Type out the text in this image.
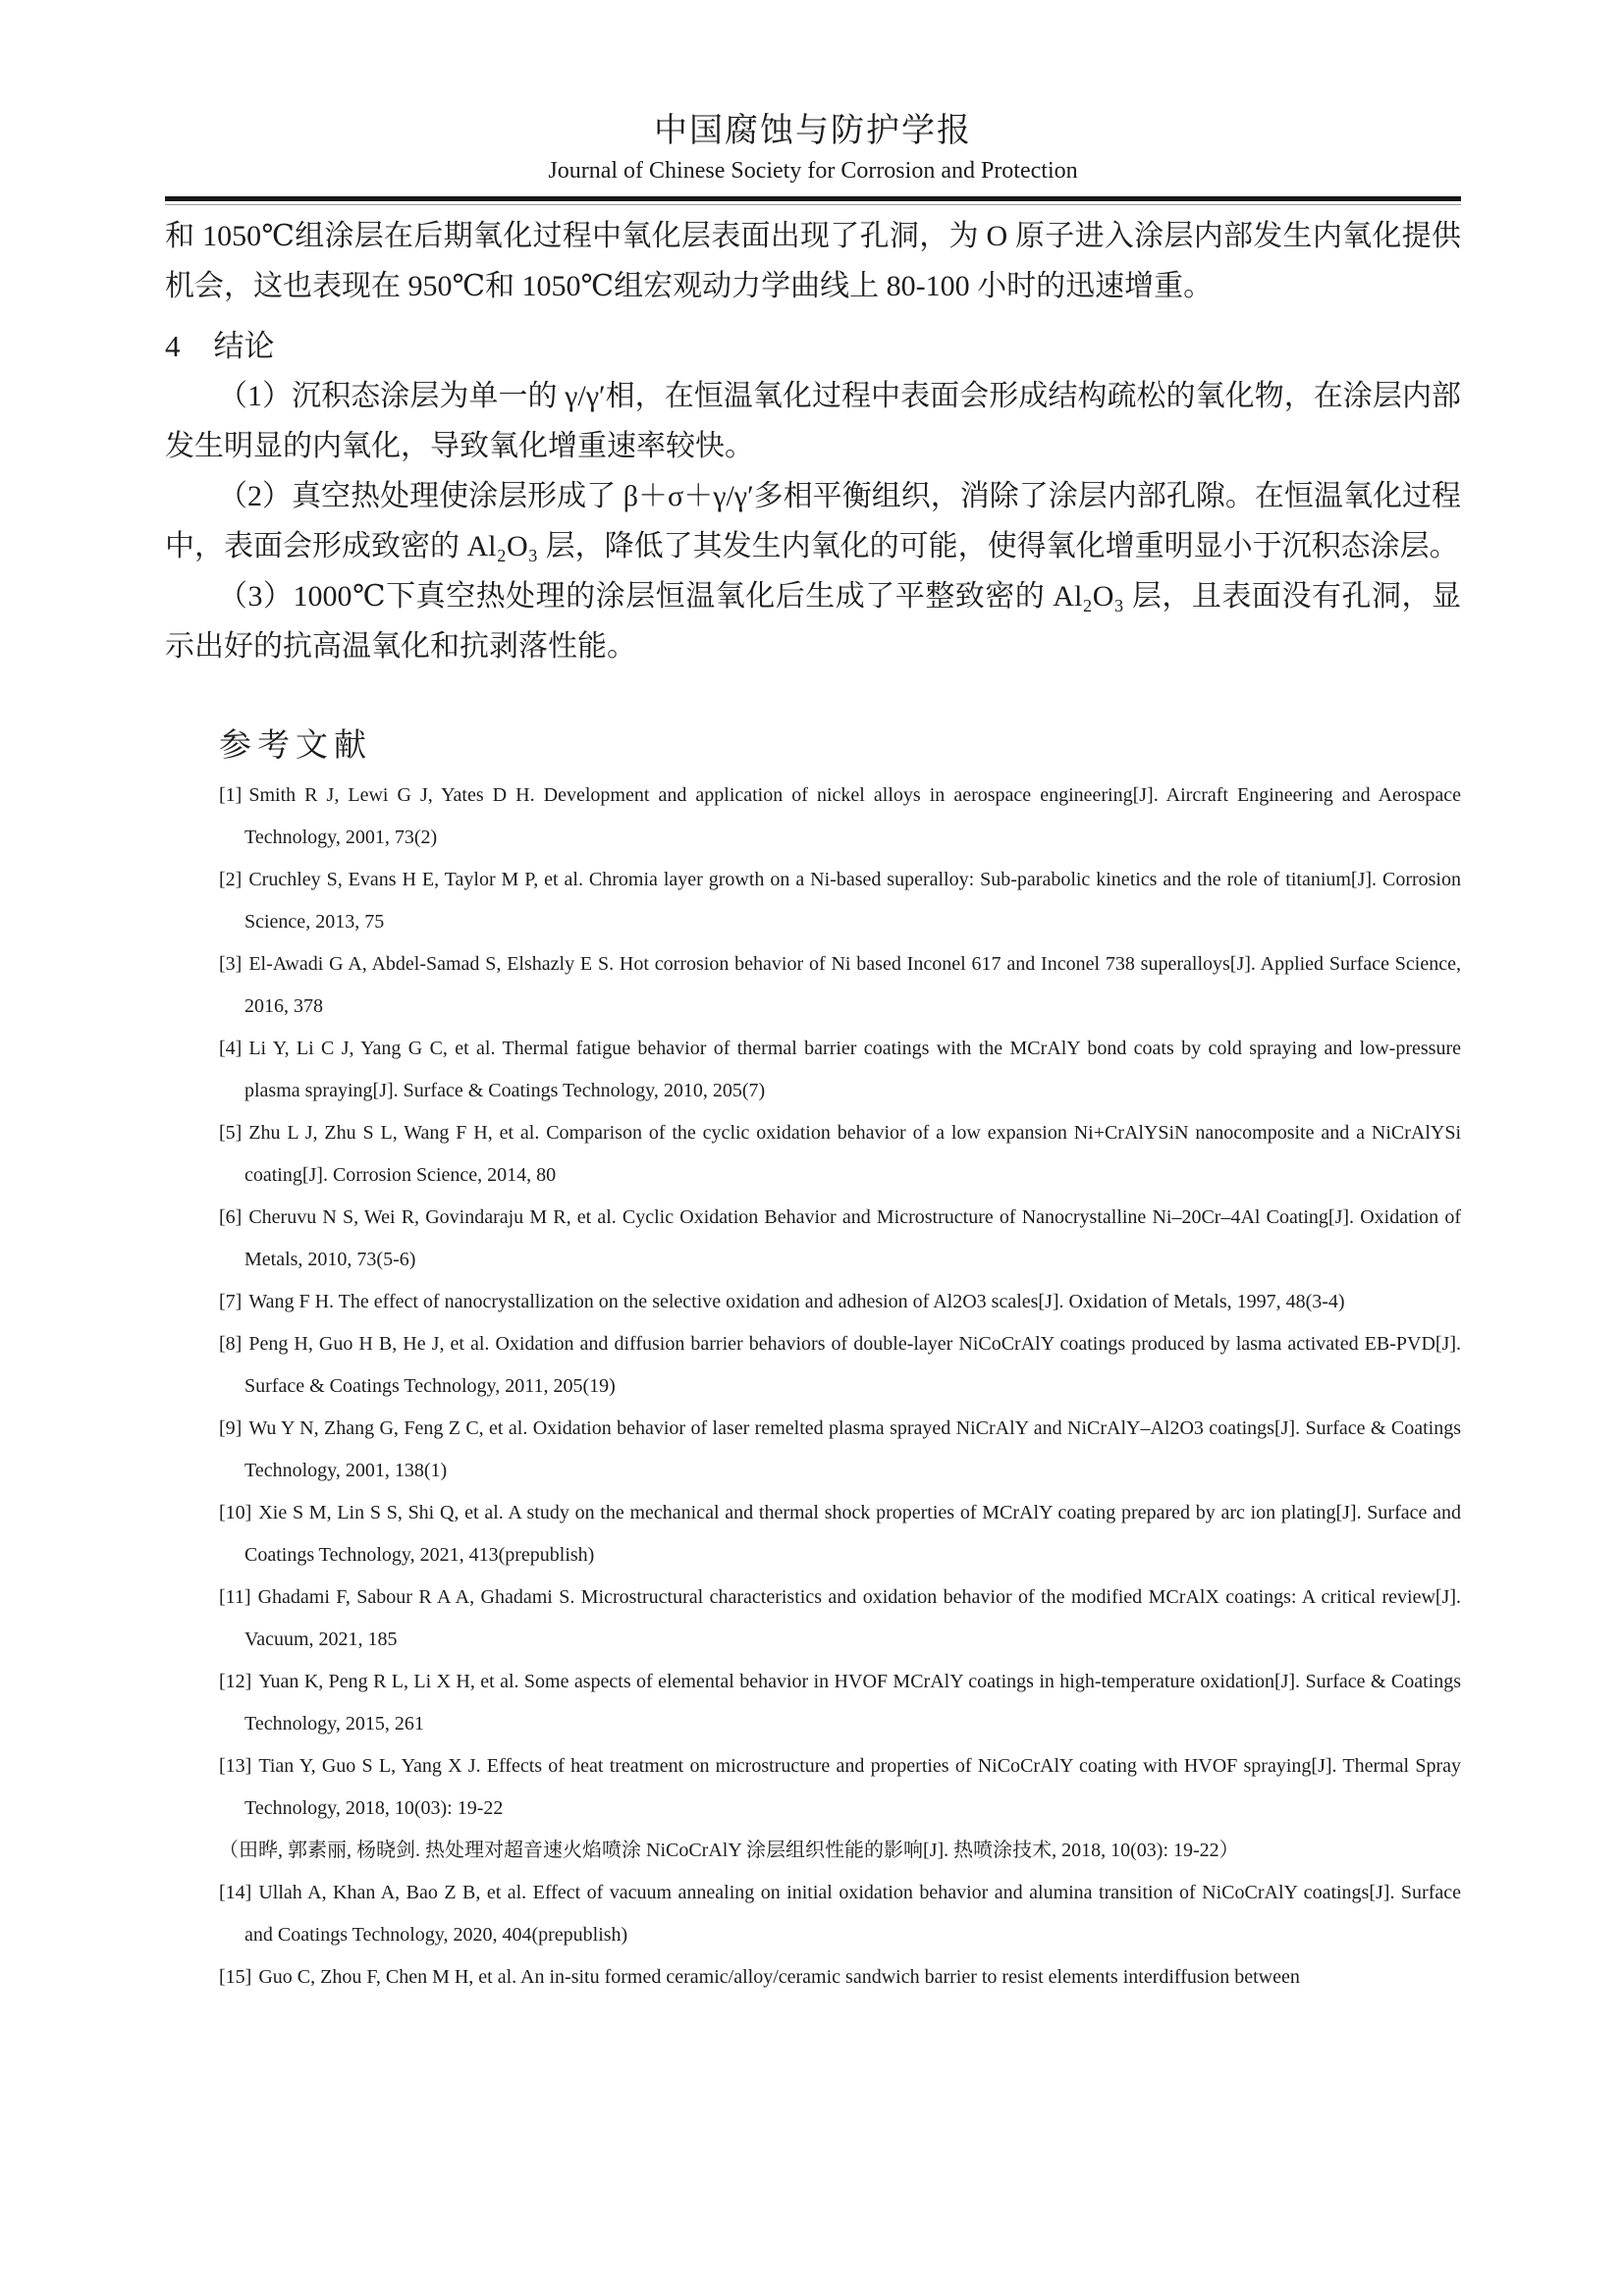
中国腐蚀与防护学报
Journal of Chinese Society for Corrosion and Protection

和 1050℃组涂层在后期氧化过程中氧化层表面出现了孔洞，为 O 原子进入涂层内部发生内氧化提供机会，这也表现在 950℃和 1050℃组宏观动力学曲线上 80-100 小时的迅速增重。

4 结论

（1）沉积态涂层为单一的 γ/γ′相，在恒温氧化过程中表面会形成结构疏松的氧化物，在涂层内部发生明显的内氧化，导致氧化增重速率较快。

（2）真空热处理使涂层形成了 β＋σ＋γ/γ′多相平衡组织，消除了涂层内部孔隙。在恒温氧化过程中，表面会形成致密的 Al₂O₃ 层，降低了其发生内氧化的可能，使得氧化增重明显小于沉积态涂层。

（3）1000℃下真空热处理的涂层恒温氧化后生成了平整致密的 Al₂O₃ 层，且表面没有孔洞，显示出好的抗高温氧化和抗剥落性能。

参考文献
[1] Smith R J, Lewi G J, Yates D H. Development and application of nickel alloys in aerospace engineering[J]. Aircraft Engineering and Aerospace Technology, 2001, 73(2)
[2] Cruchley S, Evans H E, Taylor M P, et al. Chromia layer growth on a Ni-based superalloy: Sub-parabolic kinetics and the role of titanium[J]. Corrosion Science, 2013, 75
[3] El-Awadi G A, Abdel-Samad S, Elshazly E S. Hot corrosion behavior of Ni based Inconel 617 and Inconel 738 superalloys[J]. Applied Surface Science, 2016, 378
[4] Li Y, Li C J, Yang G C, et al. Thermal fatigue behavior of thermal barrier coatings with the MCrAlY bond coats by cold spraying and low-pressure plasma spraying[J]. Surface & Coatings Technology, 2010, 205(7)
[5] Zhu L J, Zhu S L, Wang F H, et al. Comparison of the cyclic oxidation behavior of a low expansion Ni+CrAlYSiN nanocomposite and a NiCrAlYSi coating[J]. Corrosion Science, 2014, 80
[6] Cheruvu N S, Wei R, Govindaraju M R, et al. Cyclic Oxidation Behavior and Microstructure of Nanocrystalline Ni–20Cr–4Al Coating[J]. Oxidation of Metals, 2010, 73(5-6)
[7] Wang F H. The effect of nanocrystallization on the selective oxidation and adhesion of Al2O3 scales[J]. Oxidation of Metals, 1997, 48(3-4)
[8] Peng H, Guo H B, He J, et al. Oxidation and diffusion barrier behaviors of double-layer NiCoCrAlY coatings produced by lasma activated EB-PVD[J]. Surface & Coatings Technology, 2011, 205(19)
[9] Wu Y N, Zhang G, Feng Z C, et al. Oxidation behavior of laser remelted plasma sprayed NiCrAlY and NiCrAlY–Al2O3 coatings[J]. Surface & Coatings Technology, 2001, 138(1)
[10] Xie S M, Lin S S, Shi Q, et al. A study on the mechanical and thermal shock properties of MCrAlY coating prepared by arc ion plating[J]. Surface and Coatings Technology, 2021, 413(prepublish)
[11] Ghadami F, Sabour R A A, Ghadami S. Microstructural characteristics and oxidation behavior of the modified MCrAlX coatings: A critical review[J]. Vacuum, 2021, 185
[12] Yuan K, Peng R L, Li X H, et al. Some aspects of elemental behavior in HVOF MCrAlY coatings in high-temperature oxidation[J]. Surface & Coatings Technology, 2015, 261
[13] Tian Y, Guo S L, Yang X J. Effects of heat treatment on microstructure and properties of NiCoCrAlY coating with HVOF spraying[J]. Thermal Spray Technology, 2018, 10(03): 19-22
（田晔, 郭素丽, 杨晓剑. 热处理对超音速火焰喷涂 NiCoCrAlY 涂层组织性能的影响[J]. 热喷涂技术, 2018, 10(03): 19-22）
[14] Ullah A, Khan A, Bao Z B, et al. Effect of vacuum annealing on initial oxidation behavior and alumina transition of NiCoCrAlY coatings[J]. Surface and Coatings Technology, 2020, 404(prepublish)
[15] Guo C, Zhou F, Chen M H, et al. An in-situ formed ceramic/alloy/ceramic sandwich barrier to resist elements interdiffusion between
